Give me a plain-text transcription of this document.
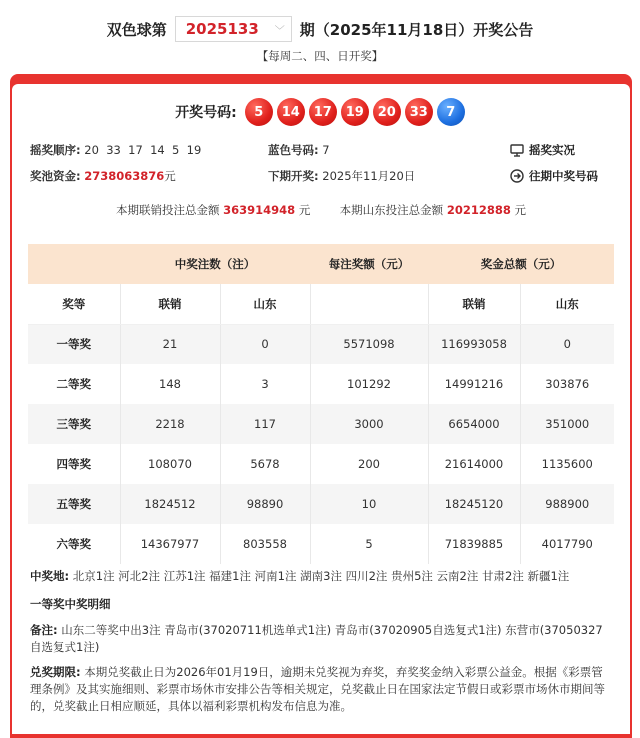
双色球第 2025133 ﹀ 期（2025年11月18日）开奖公告
【每周二、四、日开奖】
开奖号码:	5	14	17	19	20	33	7
摇奖顺序: 20  33  17  14  5  19	蓝色号码: 7	摇奖实况
奖池资金: 2738063876元	下期开奖: 2025年11月20日	往期中奖号码
本期联销投注总金额 363914948 元	本期山东投注总金额 20212888 元
	中奖注数（注）		每注奖额（元）	奖金总额（元）	
奖等	联销	山东		联销	山东
一等奖	21	0	5571098	116993058	0
二等奖	148	3	101292	14991216	303876
三等奖	2218	117	3000	6654000	351000
四等奖	108070	5678	200	21614000	1135600
五等奖	1824512	98890	10	18245120	988900
六等奖	14367977	803558	5	71839885	4017790
中奖地: 北京1注 河北2注 江苏1注 福建1注 河南1注 湖南3注 四川2注 贵州5注 云南2注 甘肃2注 新疆1注
一等奖中奖明细
备注: 山东二等奖中出3注 青岛市(37020711机选单式1注) 青岛市(37020905自选复式1注) 东营市(37050327自选复式1注)
兑奖期限: 本期兑奖截止日为2026年01月19日，逾期未兑奖视为弃奖，弃奖奖金纳入彩票公益金。根据《彩票管理条例》及其实施细则、彩票市场休市安排公告等相关规定，兑奖截止日在国家法定节假日或彩票市场休市期间等的，兑奖截止日相应顺延，具体以福利彩票机构发布信息为准。
